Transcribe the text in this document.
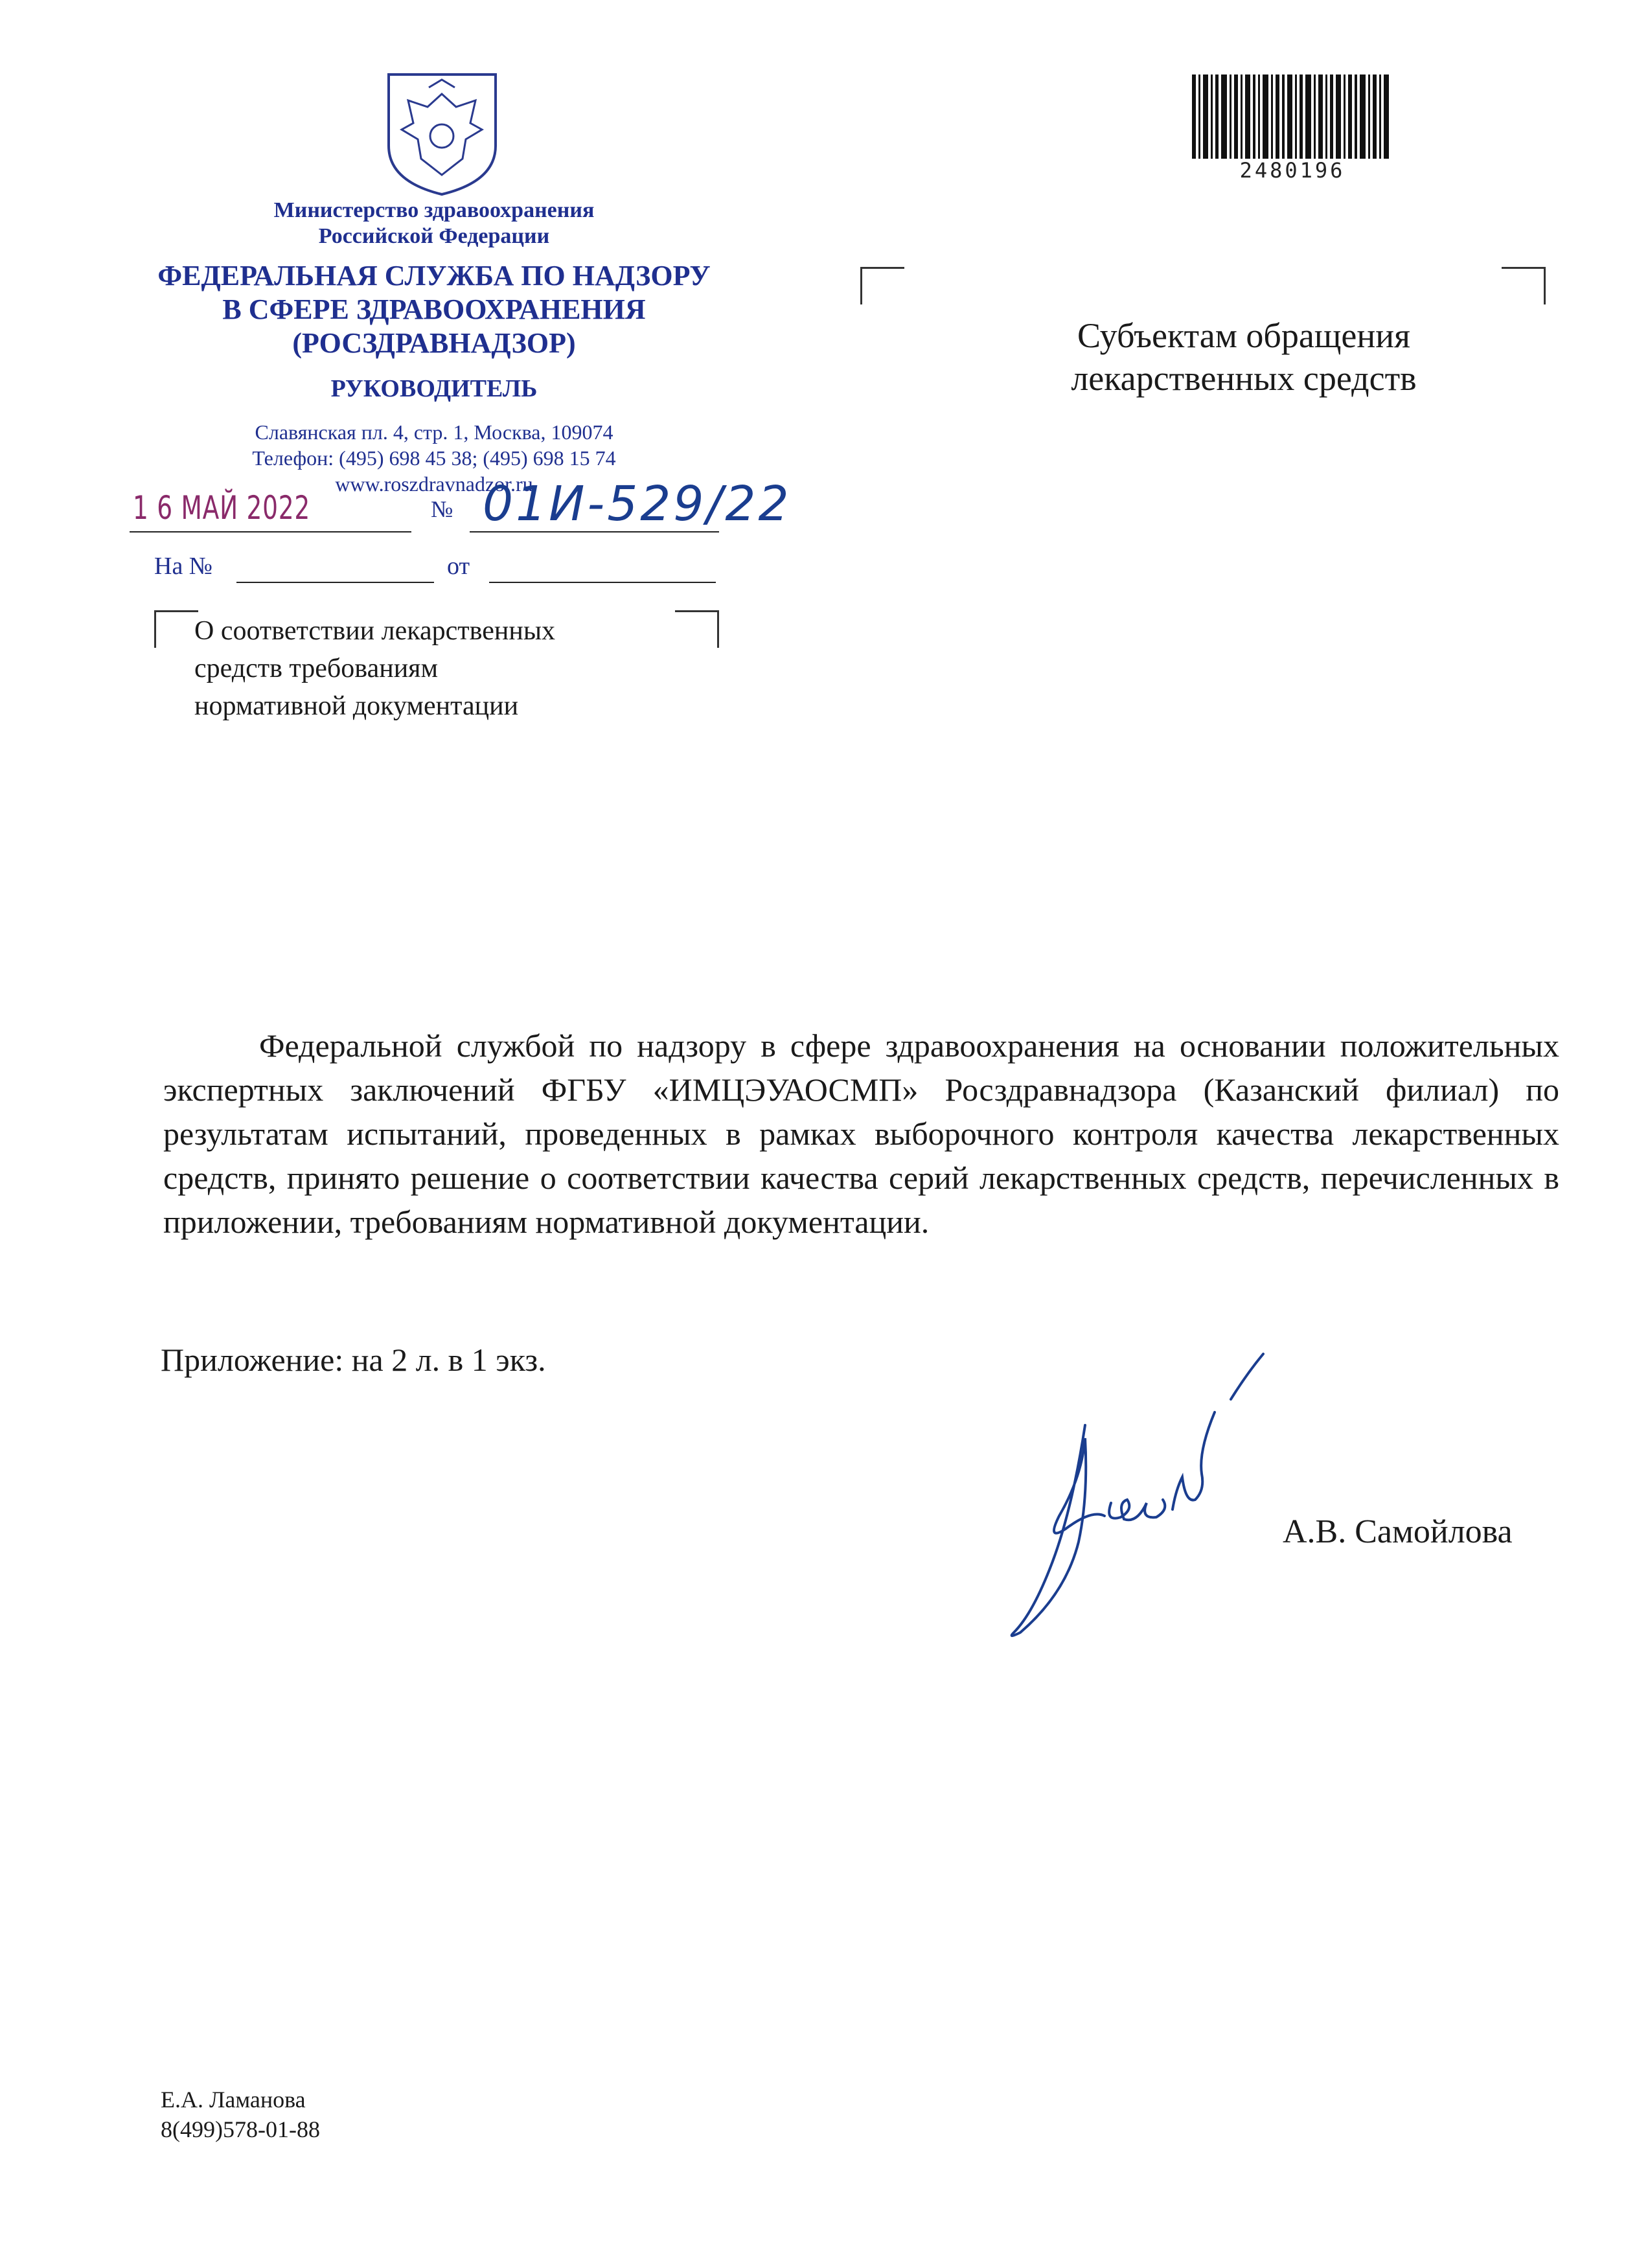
2480196
Министерство здравоохранения
Российской Федерации
ФЕДЕРАЛЬНАЯ СЛУЖБА ПО НАДЗОРУ
В СФЕРЕ ЗДРАВООХРАНЕНИЯ
(РОСЗДРАВНАДЗОР)
РУКОВОДИТЕЛЬ
Славянская пл. 4, стр. 1, Москва, 109074
Телефон: (495) 698 45 38; (495) 698 15 74
www.roszdravnadzor.ru
1 6 МАЙ 2022	№ 01И-529/22
На №	от
О соответствии лекарственных
средств требованиям
нормативной документации
Субъектам обращения
лекарственных средств
Федеральной службой по надзору в сфере здравоохранения на основании положительных экспертных заключений ФГБУ «ИМЦЭУАОСМП» Росздравнадзора (Казанский филиал) по результатам испытаний, проведенных в рамках выборочного контроля качества лекарственных средств, принято решение о соответствии качества серий лекарственных средств, перечисленных в приложении, требованиям нормативной документации.
Приложение: на 2 л. в 1 экз.
А.В. Самойлова
Е.А. Ламанова
8(499)578-01-88
